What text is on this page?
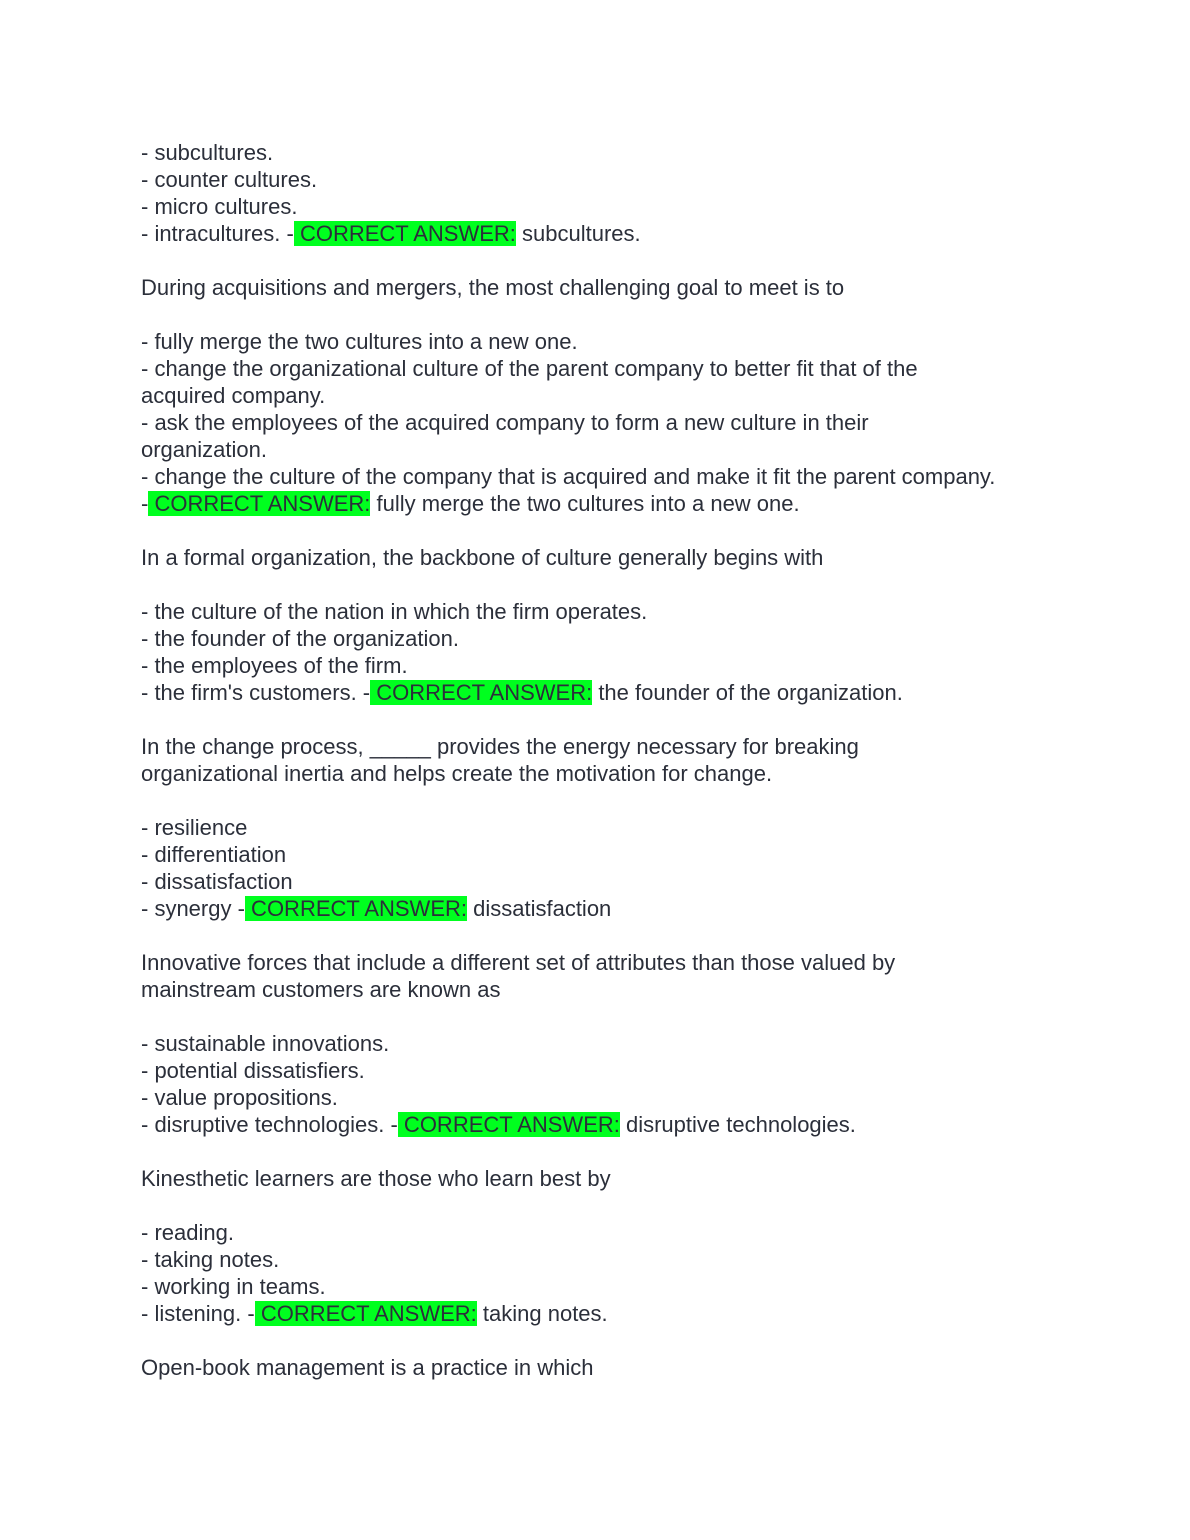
- subcultures.
- counter cultures.
- micro cultures.
- intracultures. - CORRECT ANSWER: subcultures.
During acquisitions and mergers, the most challenging goal to meet is to
- fully merge the two cultures into a new one.
- change the organizational culture of the parent company to better fit that of the
acquired company.
- ask the employees of the acquired company to form a new culture in their
organization.
- change the culture of the company that is acquired and make it fit the parent company.
- CORRECT ANSWER: fully merge the two cultures into a new one.
In a formal organization, the backbone of culture generally begins with
- the culture of the nation in which the firm operates.
- the founder of the organization.
- the employees of the firm.
- the firm's customers. - CORRECT ANSWER: the founder of the organization.
In the change process, _____ provides the energy necessary for breaking
organizational inertia and helps create the motivation for change.
- resilience
- differentiation
- dissatisfaction
- synergy - CORRECT ANSWER: dissatisfaction
Innovative forces that include a different set of attributes than those valued by
mainstream customers are known as
- sustainable innovations.
- potential dissatisfiers.
- value propositions.
- disruptive technologies. - CORRECT ANSWER: disruptive technologies.
Kinesthetic learners are those who learn best by
- reading.
- taking notes.
- working in teams.
- listening. - CORRECT ANSWER: taking notes.
Open-book management is a practice in which
